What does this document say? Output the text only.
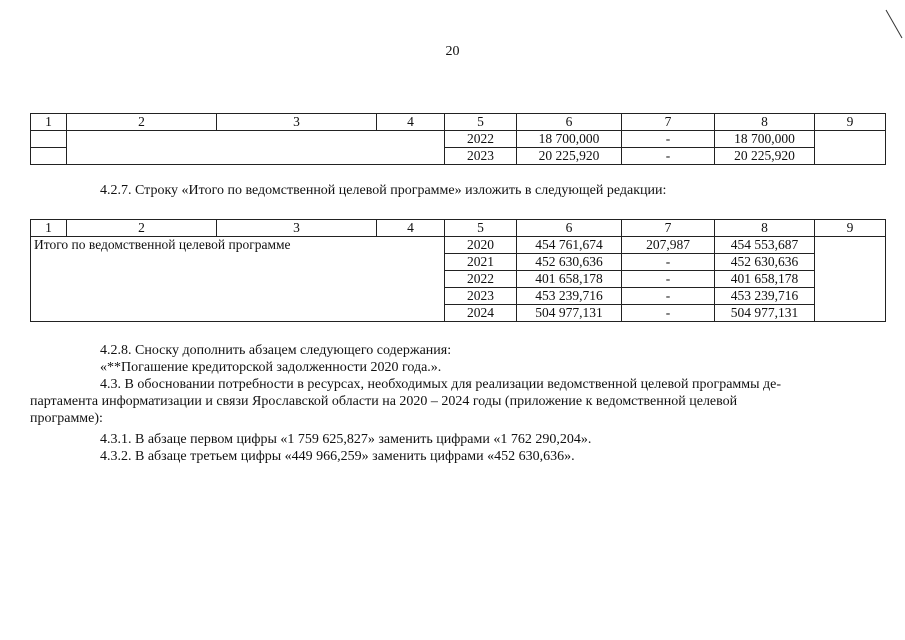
20
1	2	3	4	5	6	7	8	9
				2022	18 700,000	-	18 700,000	
				2023	20 225,920	-	20 225,920	

4.2.7. Строку «Итого по ведомственной целевой программе» изложить в следующей редакции:

1	2	3	4	5	6	7	8	9
Итого по ведомственной целевой программе				2020	454 761,674	207,987	454 553,687	
				2021	452 630,636	-	452 630,636	
				2022	401 658,178	-	401 658,178	
				2023	453 239,716	-	453 239,716	
				2024	504 977,131	-	504 977,131	

4.2.8. Сноску дополнить абзацем следующего содержания:

«**Погашение кредиторской задолженности 2020 года.».

4.3. В обосновании потребности в ресурсах, необходимых для реализации ведомственной целевой программы де-

партамента информатизации и связи Ярославской области на 2020 – 2024 годы (приложение к ведомственной целевой

программе):

4.3.1. В абзаце первом цифры «1 759 625,827» заменить цифрами «1 762 290,204».

4.3.2. В абзаце третьем цифры «449 966,259» заменить цифрами «452 630,636».
